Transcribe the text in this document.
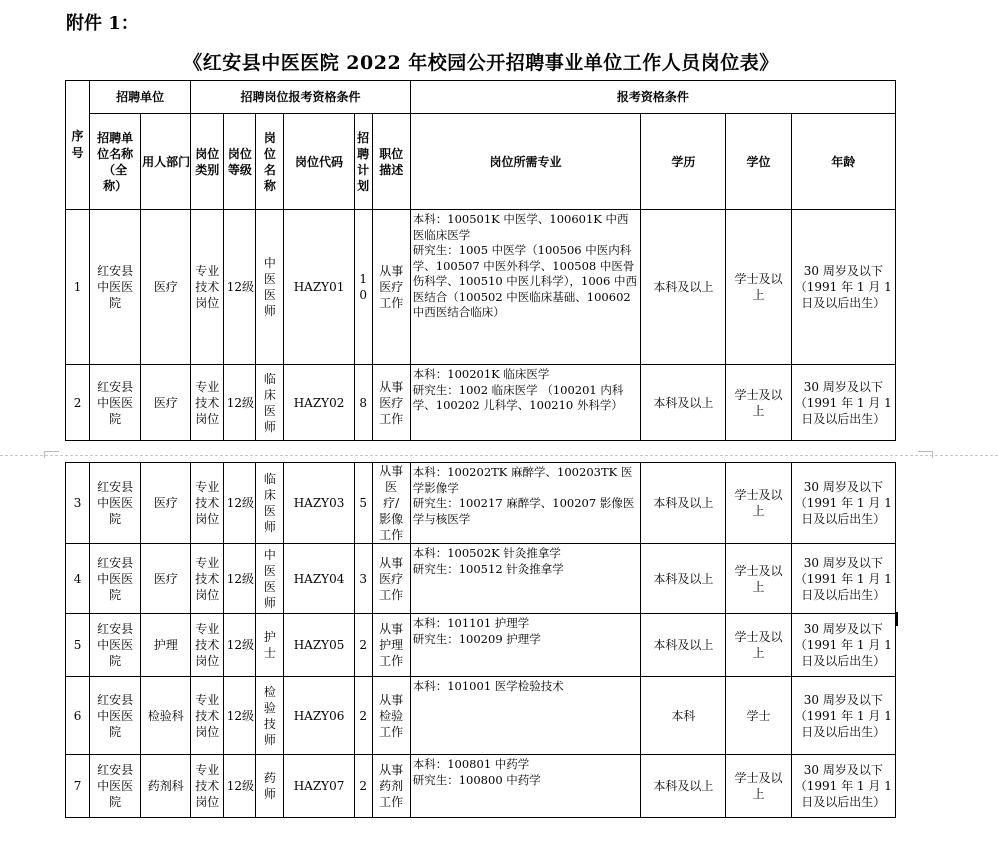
附件 1：
《红安县中医医院 2022 年校园公开招聘事业单位工作人员岗位表》
序号	招聘单位		招聘岗位报考资格条件						报考资格条件			

	招聘单位名称（全称）	用人部门	岗位类别	岗位等级	岗位名称	岗位代码	招聘计划	职位描述	岗位所需专业	学历	学位	年龄

1	红安县中医医院	医疗	专业技术岗位	12级	中医医师	HAZY01	10	从事医疗工作	本科：100501K 中医学、100601K 中西医临床医学
研究生：1005 中医学（100506 中医内科学、100507 中医外科学、100508 中医骨伤科学、100510 中医儿科学），1006 中西医结合（100502 中医临床基础、100602 中西医结合临床）	本科及以上	学士及以上	30 周岁及以下（1991 年 1 月 1 日及以后出生）

2	红安县中医医院	医疗	专业技术岗位	12级	临床医师	HAZY02	8	从事医疗工作	本科：100201K 临床医学
研究生：1002 临床医学 （100201 内科学、100202 儿科学、100210 外科学）	本科及以上	学士及以上	30 周岁及以下（1991 年 1 月 1 日及以后出生）
3	红安县中医医院	医疗	专业技术岗位	12级	临床医师	HAZY03	5	从事医疗/影像工作	本科：100202TK 麻醉学、100203TK 医学影像学
研究生：100217 麻醉学、100207 影像医学与核医学	本科及以上	学士及以上	30 周岁及以下（1991 年 1 月 1 日及以后出生）

4	红安县中医医院	医疗	专业技术岗位	12级	中医医师	HAZY04	3	从事医疗工作	本科：100502K 针灸推拿学
研究生：100512 针灸推拿学	本科及以上	学士及以上	30 周岁及以下（1991 年 1 月 1 日及以后出生）

5	红安县中医医院	护理	专业技术岗位	12级	护士	HAZY05	2	从事护理工作	本科：101101 护理学
研究生：100209 护理学	本科及以上	学士及以上	30 周岁及以下（1991 年 1 月 1 日及以后出生）

6	红安县中医医院	检验科	专业技术岗位	12级	检验技师	HAZY06	2	从事检验工作	本科：101001 医学检验技术	本科	学士	30 周岁及以下（1991 年 1 月 1 日及以后出生）

7	红安县中医医院	药剂科	专业技术岗位	12级	药师	HAZY07	2	从事药剂工作	本科：100801 中药学
研究生：100800 中药学	本科及以上	学士及以上	30 周岁及以下（1991 年 1 月 1 日及以后出生）
